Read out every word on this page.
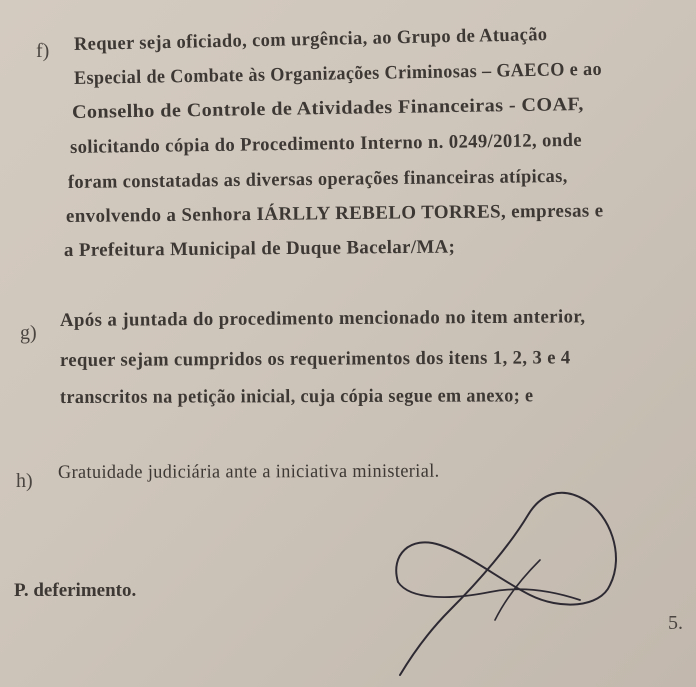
f) Requer seja oficiado, com urgência, ao Grupo de Atuação
Especial de Combate às Organizações Criminosas – GAECO e ao
Conselho de Controle de Atividades Financeiras - COAF,
solicitando cópia do Procedimento Interno n. 0249/2012, onde
foram constatadas as diversas operações financeiras atípicas,
envolvendo a Senhora IÁRLLY REBELO TORRES, empresas e
a Prefeitura Municipal de Duque Bacelar/MA;
g)
Após a juntada do procedimento mencionado no item anterior,
requer sejam cumpridos os requerimentos dos itens 1, 2, 3 e 4
transcritos na petição inicial, cuja cópia segue em anexo; e
h) Gratuidade judiciária ante a iniciativa ministerial.
P. deferimento.
5.
